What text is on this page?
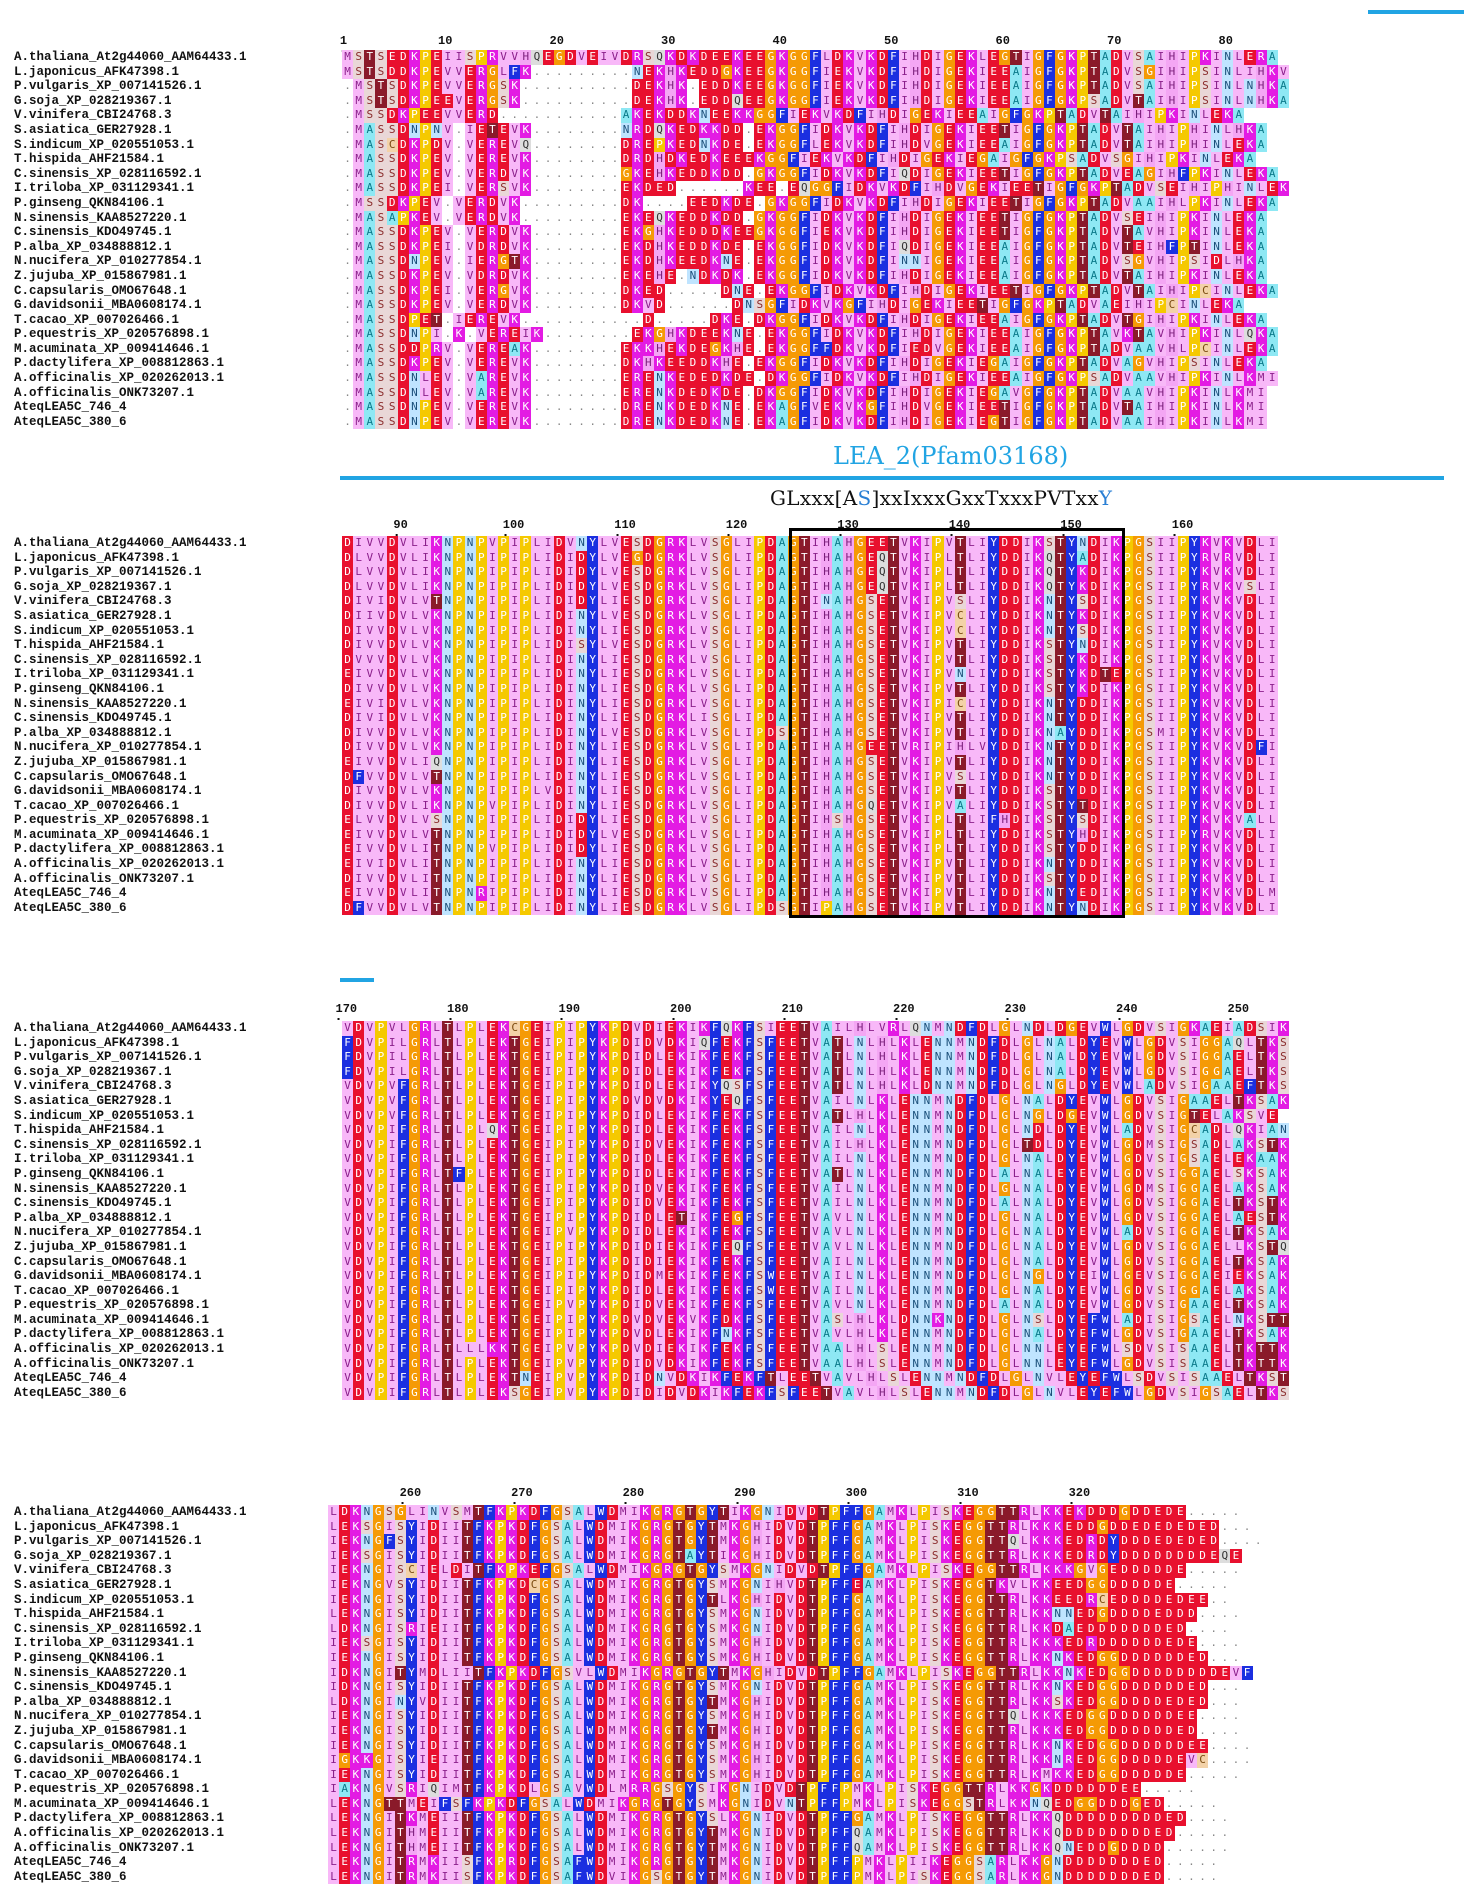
1	10	20	30	40	50	60	70	80
A.thaliana_At2g44060_AAM64433.1
L.japonicus_AFK47398.1
P.vulgaris_XP_007141526.1
G.soja_XP_028219367.1
V.vinifera_CBI24768.3
S.asiatica_GER27928.1
S.indicum_XP_020551053.1
T.hispida_AHF21584.1
C.sinensis_XP_028116592.1
I.triloba_XP_031129341.1
P.ginseng_QKN84106.1
N.sinensis_KAA8527220.1
C.sinensis_KDO49745.1
P.alba_XP_034888812.1
N.nucifera_XP_010277854.1
Z.jujuba_XP_015867981.1
C.capsularis_OMO67648.1
G.davidsonii_MBA0608174.1
T.cacao_XP_007026466.1
P.equestris_XP_020576898.1
M.acuminata_XP_009414646.1
P.dactylifera_XP_008812863.1
A.officinalis_XP_020262013.1
A.officinalis_ONK73207.1
AteqLEA5C_746_4
AteqLEA5C_380_6
M S T S E D K P E I I S P R V V H Q E G D V E I V D R S Q K D K D E E K E E G K G G F L D K V K D F I H D I G E K L E G T I G F G K P T A D V S A I H I P K I N L E R A
M S T S D D K P E V V E R G L F K . . . . . . . . . N E K H K E D D G K E E G K G G F I E K V K D F I H D I G E K I E E A I G F G K P T A D V S G I H I P S I N L I H K V
. M S T S D K P E V V E R G S K . . . . . . . . . . D E K H K . E D D K E E G K G G F I E K V K D F I H D I G E K I E E A I G F G K P T A D V S A I H I P S I N L N H K A
. M S T S D K P E E V E R G S K . . . . . . . . . . D E K H K . E D D Q E E G K G G F I E K V K D F I H D I G E K I E E A I G F G K P S A D V T A I H I P S I N L N H K A
. M S S D K P E E V V E R D . . . . . . . . . . . A K E K D D K N E E K K G G F I E K V K D F I H D I G E K I E E A I G F G K P T A D V T A I H I P K I N L E K A
. M A S S D N P N V . I E T E V K . . . . . . . . N R D Q K E D K K D D . E K G G F I D K V K D F I H D I G E K I E E T I G F G K P T A D V T A I H I P H I N L H K A
. M A S C D K P D V . V E R E V Q . . . . . . . . D R E P K E D N K D E . E K G G F L E K V K D F I H D V G E K I E E A I G F G K P T A D V T A I H I P H I N L E K A
. M A S S D K P E V . V E R E V K . . . . . . . . D R D H D K E D K E E E K G G F I E K V K D F I H D I G E K I E G A I G F G K P S A D V S G I H I P K I N L E K A
. M A S S D K P E V . V E R D V K . . . . . . . . G K E H K E D D K D D . G K G G F I D K V K D F I Q D I G E K I E E T I G F G K P T A D V E A G I H F P K I N L E K A
. M A S S D K P E I . V E R S V K . . . . . . . . E K D E D . . . . . . K E E . E Q G G F I D K V K D F I H D V G E K I E E T I G F G K P T A D V S E I H I P H I N L E K
. M S S D K P E V . V E R D V K . . . . . . . . . D K . . . . E E D K D E . G K G G F I D K V K D F I H D I G E K I E E T I G F G K P T A D V A A I H L P K I N L E K A
. M A S A P K E V . V E R D V K . . . . . . . . . E K E Q K E D D K D D . G K G G F I D K V K D F I H D I G E K I E E T I G F G K P T A D V S E I H I P K I N L E K A
. M A S S D K P E V . V E R D V K . . . . . . . . E K G H K E D D D K E E G K G G F I E K V K D F I H D I G E K I E E T I G F G K P T A D V T A V H I P K I N L E K A
. M A S S D K P E I . V D R D V K . . . . . . . . E K D H K E D D K D E . E K G G F I D K V K D F I Q D I G E K I E E A I G F G K P T A D V T E I H F P T I N L E K A
. M A S S D N P E V . I E R G T K . . . . . . . . E K D H K E E D K N E . E K G G F I D K V K D F I N N I G E K I E E A I G F G K P T A D V S G V H I P S I D L H K A
. M A S S D K P E V . V D R D V K . . . . . . . . E K E H E . N D K D K . E K G G F I D K V K D F I H D I G E K I E E A I G F G K P T A D V T A I H I P K I N L E K A
. M A S S D K P E I . V E R G V K . . . . . . . . D K E D . . . . . D N E . E K G G F I D K V K D F I H D I G E K I E E T I G F G K P T A D V T A I H I P C I N L E K A
. M A S S D K P E V . V E R D V K . . . . . . . . D K V D . . . . . . D N S G F I D K V K G F I H D I G E K I E E T I G F G K P T A D V A E I H I P C I N L E K A
. M A S S D P E T . I E R E V K . . . . . . . . . . . D . . . . . D K E . D K G G F I D K V K D F I H D I G E K I E E A I G F G K P T A D V T G I H I P K I N L E K A
. M A S S D N P I . K . V E R E I K . . . . . . . . E K G H K D E E K N E . E K G G F I D K V K D F I H D I G E K I E E A I G F G K P T A V K T A V H I P K I N L Q K A
. M A S S D D P R V . V E R E A K . . . . . . . . E K K H E K D E G K H E . E K G G F F D K V K D F I E D V G E K I E E A I G F G K P T A D V A A V H L P C I N L E K A
. M A S S D K P E V . V E R E V K . . . . . . . . D K H K E E D D K H E . E K G G F I D K V K D F I H D I G E K I E G A I G F G K P T A D V A G V H I P S I N L E K A
. M A S S D N L E V . V A R E V K . . . . . . . . E R E N K E D E D K D E . D K G G F I D K V K D F I H D I G E K I E E A I G F G K P S A D V A A V H I P K I N L K M I
. M A S S D N L E V . V A R E V K . . . . . . . . E R E N K D E D K D E . D K G G F I D K V K D F I H D I G E K I E G A V G F G K P T A D V A A V H I P K I N L K M I
. M A S S D N P E V . V E R E V K . . . . . . . . D R E N K D E D K N E . E K A G F V E K V K G F I H D V G E K I E E T I G F G K P T A D V T A I H I P K I N L K M I
. M A S S D N P E V . V E R E V K . . . . . . . . D R E N K D E D K N E . E K A G F I D K V K D F I H D I G E K I E G T I G F G K P T A D V A A I H I P K I N L K M I
LEA_2(Pfam03168)
GLxxx[AS]xxIxxxGxxTxxxPVTxxY
90	100	110	120	130	140	150	160
A.thaliana_At2g44060_AAM64433.1
L.japonicus_AFK47398.1
P.vulgaris_XP_007141526.1
G.soja_XP_028219367.1
V.vinifera_CBI24768.3
S.asiatica_GER27928.1
S.indicum_XP_020551053.1
T.hispida_AHF21584.1
C.sinensis_XP_028116592.1
I.triloba_XP_031129341.1
P.ginseng_QKN84106.1
N.sinensis_KAA8527220.1
C.sinensis_KDO49745.1
P.alba_XP_034888812.1
N.nucifera_XP_010277854.1
Z.jujuba_XP_015867981.1
C.capsularis_OMO67648.1
G.davidsonii_MBA0608174.1
T.cacao_XP_007026466.1
P.equestris_XP_020576898.1
M.acuminata_XP_009414646.1
P.dactylifera_XP_008812863.1
A.officinalis_XP_020262013.1
A.officinalis_ONK73207.1
AteqLEA5C_746_4
AteqLEA5C_380_6
D I V V D V L I K N P N P V P I P L I D V N Y L V E S D G R K L V S G L I P D A G T I H A H G E E T V K I P V T L I Y D D I K S T Y N D I K P G S I I P Y K V K V D L I
D L V V D V L I K N P N P I P I P L I D I D Y L V E G D G R K L V S G L I P D A G T I H A H G E Q T V K I P L T L I Y D D I K Q T Y A D I K P G S I I P Y R V R V D L I
D L V V D V L I K N P N P I P I P L I D I D Y L V E S D G R K L V S G L I P D A G T I H A H G E Q T V K I P L T L I Y D D I K Q T Y K D I K P G S I I P Y K V K V D L I
D L V V D V L I K N P N P I P I P L I D I D Y L V E S D G R K L V S G L I P D A G T I H A H G E Q T V K I P L T L I Y D D I K Q T Y K D I K P G S I I P Y R V K V S L I
D I V I D V L V T N P N P I P I P L I D I D Y L I E S D G R K L V S G L I P D A G T I N A H G S E T V K I P V S L I Y D D I K N T Y S D I K P G S I I P Y K V K V D L I
D I I V D V L V K N P N P I P I P L I D I N Y L V E S D G R K L V S G L I P D A G T I H A H G S E T V K I P V C L I Y D D I K N T Y K D I K P G S I I P Y K V K V D L I
D I V V D V L V K N P N P I P I P L I D I N Y L I E S D G R K L V S G L I P D A G T I H A H G S E T V K I P V C L I Y D D I K N T Y S D I K P G S I I P Y K V K V D L I
D I V V D V L V K N P N P I P I P L I D I S Y L V E S D G R K L V S G L I P D A G T I H A H G S E T V K I P V T L I Y D D I K S T Y N D I K P G S I I P Y K V K V D L I
D V V V D V L V K N P N P I P I P L I D I N Y L I E S D G R K L V S G L I P D A G T I H A H G S E T V K I P V T L I Y D D I K S T Y K D I K P G S I I P Y K V K V D L I
E I V V D V L V K N P N P I P I P L I D I N Y L I E S D G R K L V S G L I P D A G T I H A H G S E T V K I P V N L I Y D D I K S T Y K D T E P G S I I P Y K V K V D L I
D I V V D V L V K N P N P I P I P L I D I N Y L I E S D G R K L V S G L I P D A G T I H A H G S E T V K I P V T L I Y D D I K S T Y K D I K P G S I I P Y K V K V D L I
E I V I D V L V K N P N P I P I P L I D I N Y L I E S D G R K L V S G L I P D A G T I H A H G S E T V K I P I C L I Y D D I K N T Y D D I K P G S I I P Y K V K V D L I
D I V I D V L V K N P N P I P I P L I D I N Y L I E S D G R K L I S G L I P D A G T I H A H G S E T V K I P V T L I Y D D I K N T Y D D I K P G S I I P Y K V K V D L I
D I V V D V L V K N P N P I P I P L I D I N Y L V E S D G R K L V S G L I P D S G T I H A H G S E T V K I P V T L I Y D D I K N A Y D D I K P G S M I P Y K V K V D L I
D I V V D V L V K N P N P I P I P L I D I N Y L I E S D G R K L V S G L I P D A G T I H A H G E E T V R I P I H L V Y D D I K N T Y D D I K P G S I I P Y K V K V D F I
E I V V D V L I Q N P N P I P I P L I D I N Y L I E S D G R K L V S G L I P D A G T I H A H G S E T V K I P V T L I Y D D I K N T Y D D I K P G S I I P Y K V K V D L I
D F V V D V L V T N P N P I P I P L I D I N Y L I E S D G R K L V S G L I P D A G T I H A H G S E T V K I P V S L I Y D D I K N T Y D D I K P G S I I P Y K V K V D L I
D I V V D V L V K N P N P I P I P L V D I N Y L I E S D G R K L V S G L I P D A G T I H A H G S E T V K I P V T L I Y D D I K S T Y D D I K P G S I I P Y K V K V D L I
D I V V D V L I K N P N P V P I P L I D I N Y L I E S D G R K L V S G L I P D A G T I H A H G Q E T V K I P V A L I Y D D I K S T Y T D I K P G S I I P Y K V K V D L I
E L V V D V L V S N P N P I P I P L I D I D Y L I E S D G R K L V S G L I P D A G T I H S H G S E T V K I P L T L I F H D I K S T Y S D I K P G S I I P Y K V K V A L L
E I V V D V L V T N P N P I P I P L I D I D Y L V E S D G R K L V S G L I P D A G T I H A H G S E T V K I P L T L I Y D D I K S T Y H D I K P G S I I P Y R V K V D L I
E I V V D V L I T N P N P V P I P L I D I D Y L I E S D G R K L V S G L I P D A G T I H A H G S E T V K I P L T L I Y D D I K S T Y D D I K P G S I I P Y K V K V D L I
E I V I D V L I T N P N P I P I P L I D I N Y L I E S D G R K L V S G L I P D A G T I H A H G S E T V K I P V T L I Y D D I K N T Y D D I K P G S I I P Y K V K V D L I
D I V V D V L I T N P N P I P I P L I D I N Y L I E S D G R K L V S G L I P D A G T I H A H G S E T V K I P V T L I Y D D I K S T Y D D I K P G S I I P Y K V K V D L I
E I V V D V L I T N P N R I P I P L I D I N Y L I E S D G R K L V S G L I P D A G T I H A H G S E T V K I P V T L I Y D D I K N T Y E D I K P G S I I P Y K V K V D L M
D F V V D V L V T N P N P I P I P L I D I N Y L I E S D G R K L V S G L I P D S G T I P A H G S E T V K I P V T L I Y D D I K N T Y N D I K P G S I I P Y K V K V D L I
170	180	190	200	210	220	230	240	250
A.thaliana_At2g44060_AAM64433.1
L.japonicus_AFK47398.1
P.vulgaris_XP_007141526.1
G.soja_XP_028219367.1
V.vinifera_CBI24768.3
S.asiatica_GER27928.1
S.indicum_XP_020551053.1
T.hispida_AHF21584.1
C.sinensis_XP_028116592.1
I.triloba_XP_031129341.1
P.ginseng_QKN84106.1
N.sinensis_KAA8527220.1
C.sinensis_KDO49745.1
P.alba_XP_034888812.1
N.nucifera_XP_010277854.1
Z.jujuba_XP_015867981.1
C.capsularis_OMO67648.1
G.davidsonii_MBA0608174.1
T.cacao_XP_007026466.1
P.equestris_XP_020576898.1
M.acuminata_XP_009414646.1
P.dactylifera_XP_008812863.1
A.officinalis_XP_020262013.1
A.officinalis_ONK73207.1
AteqLEA5C_746_4
AteqLEA5C_380_6
V D V P V L G R L T L P L E K C G E I P I P Y K P D V D I E K I K F Q K F S I E E T V A I L H L V R L Q N M N D F D L G L N D L D G E V W L G D V S I G K A E I A D S I K
F D V P I L G R L T L P L E K T G E I P I P Y K P D I D V D K I Q F E K F S F E E T V A T L N L H L K L E N N M N D F D L G L N A L D Y E V W L G D V S I G G A Q L T K S
F D V P I L G R L T L P L E K T G E I P I P Y K P D I D L E K I K F E K F S F E E T V A T L N L H L K L E N N M N D F D L G L N A L D Y E V W L G D V S I G G A E L T K S
F D V P I L G R L T L P L E K T G E I P I P Y K P D I D L E K I K F E K F S F E E T V A T L N L H L K L E N N M N D F D L G L N A L D Y E V W L G D V S I G G A E L T K S
V D V P V F G R L T L P L E K T G E I P I P Y K P D I D L E K I K Y Q S F S F E E T V A T L N L H L K L D N N M N D F D L G L N G L D Y E V W L A D V S I G A A E F T K S
V D V P V F G R L T L P L E K T G E I P I P Y K P D V D V D K I K Y E Q F S F E E T V A I L N L K L E N N M N D F D L G L N A L D Y E V W L G D V S I G A A E L T K S A K
V D V P V F G R L T L P L E K T G E I P I P Y K P D I D L E K I K F E K F S F E E T V A T L H L K L E N N M N D F D L G L N G L D G E V W L G D V S I G T E L A K S V E
V D V P I F G R L T L P L Q K T G E I P I P Y K P D I D L E K I K F E K F S F E E T V A I L N L K L E N N M N D F D L G L N D L D Y E V W L A D V S I G C A D L Q K I A N
V D V P I F G R L T L P L E K T G E I P I P Y K P D I D V E K I K F E K F S F E E T V A I L H L K L E N N M N D F D L G L T D L D Y E V W L G D M S I G S A D L A K S T K
V D V P I F G R L T L P L E K T G E I P I P Y K P D I D L E K I K F E K F S F E E T V A I L N L K L E N N M N D F D L G L N A L D Y E V W L G D V S I G S A E L E K A A K
V D V P I F G R L T F P L E K T G E I P I P Y K P D I D L E K I K F E K F S F E E T V A T L N L K L E N N M N D F D L A L N A L E Y E V W L G D V S I G G A E L S K S A K
V D V P I F G R L T L P L E K T G E I P I P Y K P D I D V E K I K F E K F S F E E T V A I L N L K L E N N M N D F D L G L N A L D Y E V W L G D M S I G G A E L A K S A K
V D V P I F G R L T L P L E K T G E I P I P Y K P D I D V E K I K F E K F S F E E T V A I L N L K L E N N M N D F D L A L N A L D Y E V W L G D V S I G G A E L T K S T K
V D V P I F G R L T L P L E K T G E I P I P Y K P D I D L E T I K F E G F S F E E T V A V L N L K L E N N M N D F D L G L N A L D Y E V W L G D V S I G G A E L A E S T K
V D V P I F G R L T L P L E K T G E I P V P Y K P D I D L E K I K F E K F S F E E T V A V L N L K L E N N M N D F D L G L N A L D Y E V W L A D V S I G G A E L T K S A K
V D V P I F G R L T L P L E K T G E I P I P Y K P D I D I E K I K F E Q F S F E E T V A V L N L K L E N N M N D F D L G L N A L D Y E V W L G D V S I G G A E L L K S T Q
V D V P I F G R L T L P L E K T G E I P I P Y K P D I D I E K I K F E K F S F E E T V A I L N L K L E N N M N D F D L G L N A L D Y E V W L G D V S I G G A E L T K S A K
V D V P I F G R L T L P L E K T G E I P I P Y K P D I D M E K I K F E K F S W E E T V A I L N L K L E N N M N D F D L G L N G L D Y E I W L G E V S I G G A E I E K S A K
V D V P I F G R L T L P L E K T G E I P I P Y K P D I D L E K I K F E K F S W E E T V A I L N L K L E N N M N D F D L G L N A L D Y E V W L G D V S I G G A E L A K S A K
V D V P I F G R L T L P L E K T G E I P V P Y K P D I D V E K I K F E K F S F E E T V A V L N L K L E N N M N D F D L A L N A L D Y E V W L G D V S I G A A E L T K S A K
V D V P I F G R L T L P L E K T G E I P I P Y K P D V D V E K V K F D K F S F E E T V A S L H L K L D N N K N D F D L G L N S L D Y E F W L A D I S I G S A E L N K S T T
V D V P I F G R L T L P L E K T G E I P I P Y K P D V D L E K I K F N K F S F E E T V A V L H L K L E N N M N D F D L G L N A L D Y E F W L G D V S I G A A E L T K S A K
V D V P I F G R L T L L L K K T G E I P V P Y K P D V D I E K I K F E K F S F E E T V A A L H L S L E N N M N D F D L G L N N L E Y E F W L S D V S I S A A E L T K T T K
V D V P I F G R L T L P L E K T G E I P V P Y K P D I D V D K I K F E K F S F E E T V A A L H L S L E N N M N D F D L G L N N L E Y E F W L G D V S I S A A E L T K T T K
V D V P I F G R L T L P L E K T N E I P V P Y K P D I D N V D K I K F E K F T L E E T V A V L H L S L E N N M N D F D L G L N V L E Y E F W L S D V S I S A A E L T K S T
V D V P I F G R L T L P L E K S G E I P V P Y K P D I D I D V D K I K F E K F S F E E T V A V L H L S L E N N M N D F D L G L N V L E Y E F W L G D V S I G S A E L T K S
260	270	280	290	300	310	320
A.thaliana_At2g44060_AAM64433.1
L.japonicus_AFK47398.1
P.vulgaris_XP_007141526.1
G.soja_XP_028219367.1
V.vinifera_CBI24768.3
S.asiatica_GER27928.1
S.indicum_XP_020551053.1
T.hispida_AHF21584.1
C.sinensis_XP_028116592.1
I.triloba_XP_031129341.1
P.ginseng_QKN84106.1
N.sinensis_KAA8527220.1
C.sinensis_KDO49745.1
P.alba_XP_034888812.1
N.nucifera_XP_010277854.1
Z.jujuba_XP_015867981.1
C.capsularis_OMO67648.1
G.davidsonii_MBA0608174.1
T.cacao_XP_007026466.1
P.equestris_XP_020576898.1
M.acuminata_XP_009414646.1
P.dactylifera_XP_008812863.1
A.officinalis_XP_020262013.1
A.officinalis_ONK73207.1
AteqLEA5C_746_4
AteqLEA5C_380_6
L D K N G S G L I N V S M T F K P K D F G S A L W D M I K G R G T G Y T I K G N I D V D T P F F G A M K L P I S K E G G T T R L K K E K D D D G D D E D E . . . . .
L E K S G I S Y I D I I T F K P K D F G S A L W D M I K G R G T G Y T M K G H I D V D T P F F G A M K L P I S K E G G T T R L K K K E D D G D D E D E D E D E D . . .
I E K N G F S Y I D I I T F K P K D F G S A L W D M I K G R G T G Y T M K G H I D V D T P F F G A M K L P I S K E G G T T Q L K K K E D R D Y D D D E D E D E D . . . .
I E K S G I S Y I D I I T F K P K D F G S A L W D M I K G R G T A Y T I K G H I D V D T P F F G A M K L P I S K E G G T T R L K K K E D R D Y D D D D D D D D E Q E
I E K N G I S C I E L D I T F K P K E F G S A L W D M I K G R G T G Y S M K G N I D V D T P F F G A M K L P I S K E G G T T R L K K K G V G E D D D D D E . . . . .
I E K N G V S Y I D I I T F K P K D C G S A L W D M I K G R G T G Y S M K G N I H V D T P F F E A M K L P I S K E G G T K V L K K E E D G G D D D D D E . . . . .
I E K N G I S Y I D I I T F K P K D F G S A L W D M I K G R G T G Y T L K G H I D V D T P F F G A M K L P I S K E G G T T R L K K E E D R C E D D D D E D E E . .
L E K N G I S Y I D I I T F K P K D F G S A L W D M I K G R G T G Y S M K G N I D V D T P F F G A M K L P I S K E G G T T R L K K N N E D G D D D D E D D D . . . .
L D K N G I S R I E I I T F K P K D F G S A L W D M I K G R G T G Y S M K G N I D V D T P F F G A M K L P I S K E G G T T R L K K D A E D D D D D D D E D . . . .
I E K S G I S Y I D I I T F K P K D F G S A L W D M I K G R G T G Y S M K G H I D V D T P F F G A M K L P I S K E G G T T R L K K K E D R D D D D D D E D E . . . .
I E K N G I S Y I D I I T F K P K D F G S A L W D M I K G R G T G Y S M K G H I D V D T P F F G A M K L P I S K E G G T T R L K K N K E D G G D D D D D D E D . . .
I D K N G I T Y M D L I I T F K P K D F G S V L W D M I K G R G T G Y T M K G H I D V D T P F F G A M K L P I S K E G G T T R L K K N K E D G G D D D D D D D D E V F
I D K N G I S Y I D I I T F K P K D F G S A L W D M I K G R G T G Y S M K G N I D V D T P F F G A M K L P I S K E G G T T R L K K N K E D G G D D D D D D E D . . .
L D K N G I N Y V D I I T F K P K D F G S A L W D M I K G R G T G Y T M K G H I D V D T P F F G A M K L P I S K E G G T T R L K K S K E D G G D D D D E D E D . . .
I E K N G I S Y I D I I T F K P K D F G S A L W D M I K G R G T G Y S M K G H I D V D T P F F G A M K L P I S K E G G T T Q L K K K E D G G D D D D D D E E . . . .
I E K N G I S Y I D I I T F K P K D F G S A L W D M M K G R G T G Y T M K G H I D V D T P F F G A M K L P I S K E G G T T R L K K K E D G G D D D D D D E D . . . .
I E K N G I S Y I D I I T F K P K D F G S A L W D M I K G R G T G Y S M K G H I D V D T P F F G A M K L P I S K E G G T T R L K K N K E D G G D D D D D D E E . . . .
I G K K G I S Y I E I I T F K P K D F G S A L W D M I K G R G T G Y S M K G H I D V D T P F F G A M K L P I S K E G G T T R L K K N R E D G G D D D D D E V C . . . .
I E K N G I S Y I D I I T F K P K D F G S A L W D M I K G R G T G Y S M K G H I D V D T P F F G A M K L P I S K E G G T T R L K M K K E D G G D D D D D E . . . . .
I A K N G V S R I Q I M T F K P K D L G S A V W D L M R R G S G Y S I K G N I D V D T P F F P M K L P I S K E G G T T R L K K G K D D D D D D E E . . . . .
L E K N G T T M E I F S F K P K D F G S A L W D M I K G R G T G Y S M K G N I D V N T P F F P M K L P I S K E G G S T R L K K N Q E D G G D D D G E D . . . . .
L E K N G I T K M E I I T F K P K D F G S A L W D M I K G R G T G Y S L K G N I D V D T P F F G A M K L P I S K E G G T T R L K K Q D D D D D D D D D E D . . . .
L E K N G I T H M E I I T F K P K D F G S A L W D M I K G R G T G Y T M K G N I D V D T P F F Q A M K L P I S K E G G T T R L K K Q D D D D D D D D E D . . . . .
L E K N G I T H M E I I T F K P K D F G S A L W D M I K G R G T G Y T M K G N I D V D T P F F Q A M K L P I S K E G G T T R L K K Q N E D D G D D D D . . . . . .
L E K N G I T R M K I I S F K P R D F G S A F W D M I K G R G T G Y T M K G N I D V D T P F F P M K L P I I K E G G S A R L K K G N D D D D D D D E D . . . . .
L E K N G I T R M K I I S F K P K D F G S A F W D V I K G S G T G Y T M K G N I D V D T P F F P M K L P I S K E G G S A R L K K G N D D D D D D D E D . . . . .
